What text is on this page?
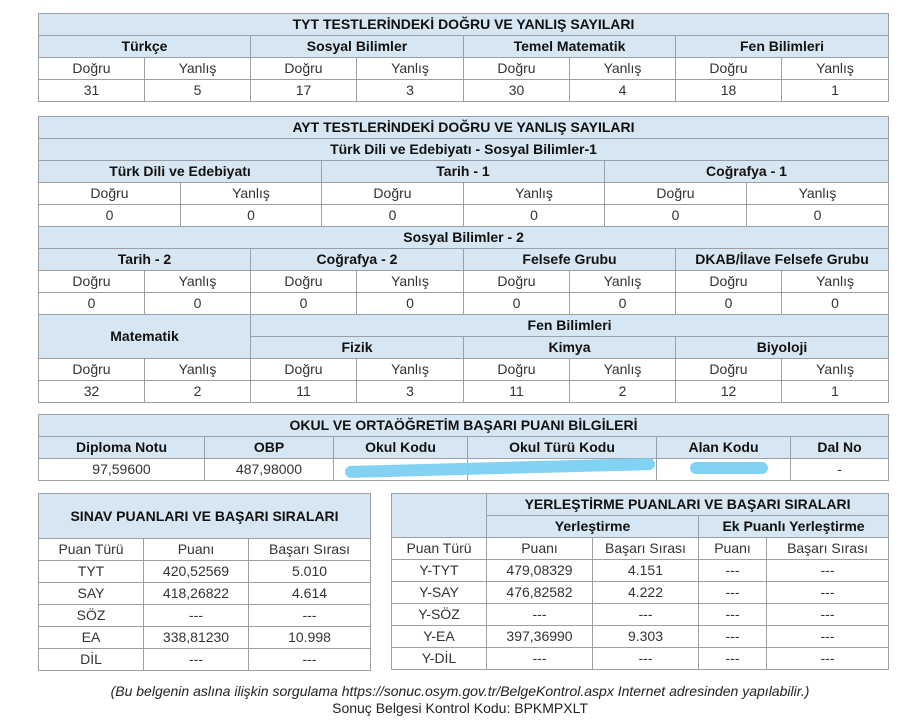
TYT TESTLERİNDEKİ DOĞRU VE YANLIŞ SAYILARI							
Türkçe		Sosyal Bilimler		Temel Matematik		Fen Bilimleri	
Doğru	Yanlış	Doğru	Yanlış	Doğru	Yanlış	Doğru	Yanlış
31	5	17	3	30	4	18	1
AYT TESTLERİNDEKİ DOĞRU VE YANLIŞ SAYILARI					
Türk Dili ve Edebiyatı - Sosyal Bilimler-1					
Türk Dili ve Edebiyatı		Tarih - 1		Coğrafya - 1	
Doğru	Yanlış	Doğru	Yanlış	Doğru	Yanlış
0	0	0	0	0	0
Sosyal Bilimler - 2							
Tarih - 2		Coğrafya - 2		Felsefe Grubu		DKAB/İlave Felsefe Grubu	
Doğru	Yanlış	Doğru	Yanlış	Doğru	Yanlış	Doğru	Yanlış
0	0	0	0	0	0	0	0
Matematik		Fen Bilimleri					
		Fizik		Kimya		Biyoloji	
Doğru	Yanlış	Doğru	Yanlış	Doğru	Yanlış	Doğru	Yanlış
32	2	11	3	11	2	12	1
OKUL VE ORTAÖĞRETİM BAŞARI PUANI BİLGİLERİ					
Diploma Notu	OBP	Okul Kodu	Okul Türü Kodu	Alan Kodu	Dal No
97,59600	487,98000				-
SINAV PUANLARI VE BAŞARI SIRALARI		
Puan Türü	Puanı	Başarı Sırası
TYT	420,52569	5.010
SAY	418,26822	4.614
SÖZ	---	---
EA	338,81230	10.998
DİL	---	---
	YERLEŞTİRME PUANLARI VE BAŞARI SIRALARI			
	Yerleştirme		Ek Puanlı Yerleştirme	
Puan Türü	Puanı	Başarı Sırası	Puanı	Başarı Sırası
Y-TYT	479,08329	4.151	---	---
Y-SAY	476,82582	4.222	---	---
Y-SÖZ	---	---	---	---
Y-EA	397,36990	9.303	---	---
Y-DİL	---	---	---	---
(Bu belgenin aslına ilişkin sorgulama https://sonuc.osym.gov.tr/BelgeKontrol.aspx Internet adresinden yapılabilir.)
Sonuç Belgesi Kontrol Kodu: BPKMPXLT
